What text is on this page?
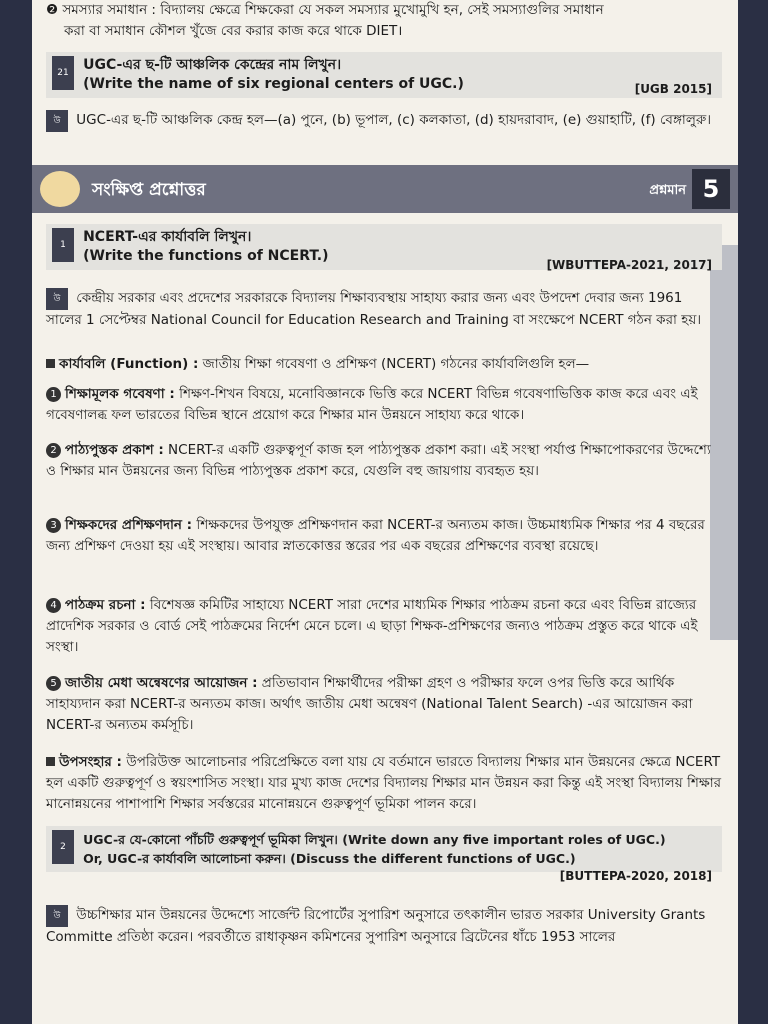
❷ সমস্যার সমাধান : বিদ্যালয় ক্ষেত্রে শিক্ষকেরা যে সকল সমস্যার মুখোমুখি হন, সেই সমস্যাগুলির সমাধান
করা বা সমাধান কৌশল খুঁজে বের করার কাজ করে থাকে DIET।
21 UGC-এর ছ-টি আঞ্চলিক কেন্দ্রের নাম লিখুন।
(Write the name of six regional centers of UGC.)	[UGB 2015]
উ UGC-এর ছ-টি আঞ্চলিক কেন্দ্র হল—(a) পুনে, (b) ভূপাল, (c) কলকাতা, (d) হায়দরাবাদ, (e) গুয়াহাটি, (f) বেঙ্গালুরু।
সংক্ষিপ্ত প্রশ্নোত্তর	প্রশ্নমান 5
1 NCERT-এর কার্যাবলি লিখুন।
(Write the functions of NCERT.)
[WBUTTEPA-2021, 2017]
উ কেন্দ্রীয় সরকার এবং প্রদেশের সরকারকে বিদ্যালয় শিক্ষাব্যবস্থায় সাহায্য করার জন্য এবং উপদেশ দেবার জন্য 1961 সালের 1 সেপ্টেম্বর National Council for Education Research and Training বা সংক্ষেপে NCERT গঠন করা হয়।
কার্যাবলি (Function) : জাতীয় শিক্ষা গবেষণা ও প্রশিক্ষণ (NCERT) গঠনের কার্যাবলিগুলি হল—
1 শিক্ষামূলক গবেষণা : শিক্ষণ-শিখন বিষয়ে, মনোবিজ্ঞানকে ভিত্তি করে NCERT বিভিন্ন গবেষণাভিত্তিক কাজ করে এবং এই গবেষণালব্ধ ফল ভারতের বিভিন্ন স্থানে প্রয়োগ করে শিক্ষার মান উন্নয়নে সাহায্য করে থাকে।
2 পাঠ্যপুস্তক প্রকাশ : NCERT-র একটি গুরুত্বপূর্ণ কাজ হল পাঠ্যপুস্তক প্রকাশ করা। এই সংস্থা পর্যাপ্ত শিক্ষাপোকরণের উদ্দেশ্যে ও শিক্ষার মান উন্নয়নের জন্য বিভিন্ন পাঠ্যপুস্তক প্রকাশ করে, যেগুলি বহু জায়গায় ব্যবহৃত হয়।
3 শিক্ষকদের প্রশিক্ষণদান : শিক্ষকদের উপযুক্ত প্রশিক্ষণদান করা NCERT-র অন্যতম কাজ। উচ্চমাধ্যমিক শিক্ষার পর 4 বছরের জন্য প্রশিক্ষণ দেওয়া হয় এই সংস্থায়। আবার স্নাতকোত্তর স্তরের পর এক বছরের প্রশিক্ষণের ব্যবস্থা রয়েছে।
4 পাঠক্রম রচনা : বিশেষজ্ঞ কমিটির সাহায্যে NCERT সারা দেশের মাধ্যমিক শিক্ষার পাঠক্রম রচনা করে এবং বিভিন্ন রাজ্যের প্রাদেশিক সরকার ও বোর্ড সেই পাঠক্রমের নির্দেশ মেনে চলে। এ ছাড়া শিক্ষক-প্রশিক্ষণের জন্যও পাঠক্রম প্রস্তুত করে থাকে এই সংস্থা।
5 জাতীয় মেধা অন্বেষণের আয়োজন : প্রতিভাবান শিক্ষার্থীদের পরীক্ষা গ্রহণ ও পরীক্ষার ফলে ওপর ভিত্তি করে আর্থিক সাহায্যদান করা NCERT-র অন্যতম কাজ। অর্থাৎ জাতীয় মেধা অন্বেষণ (National Talent Search) -এর আয়োজন করা NCERT-র অন্যতম কর্মসূচি।
উপসংহার : উপরিউক্ত আলোচনার পরিপ্রেক্ষিতে বলা যায় যে বর্তমানে ভারতে বিদ্যালয় শিক্ষার মান উন্নয়নের ক্ষেত্রে NCERT হল একটি গুরুত্বপূর্ণ ও স্বয়ংশাসিত সংস্থা। যার মুখ্য কাজ দেশের বিদ্যালয় শিক্ষার মান উন্নয়ন করা কিন্তু এই সংস্থা বিদ্যালয় শিক্ষার মানোন্নয়নের পাশাপাশি শিক্ষার সর্বস্তরের মানোন্নয়নে গুরুত্বপূর্ণ ভূমিকা পালন করে।
2 UGC-র যে-কোনো পাঁচটি গুরুত্বপূর্ণ ভূমিকা লিখুন। (Write down any five important roles of UGC.)
Or, UGC-র কার্যাবলি আলোচনা করুন। (Discuss the different functions of UGC.)
[BUTTEPA-2020, 2018]
উ উচ্চশিক্ষার মান উন্নয়নের উদ্দেশ্যে সার্জেন্ট রিপোর্টের সুপারিশ অনুসারে তৎকালীন ভারত সরকার University Grants Committe প্রতিষ্ঠা করেন। পরবর্তীতে রাধাকৃষ্ণন কমিশনের সুপারিশ অনুসারে ব্রিটেনের ধাঁচে 1953 সালের
